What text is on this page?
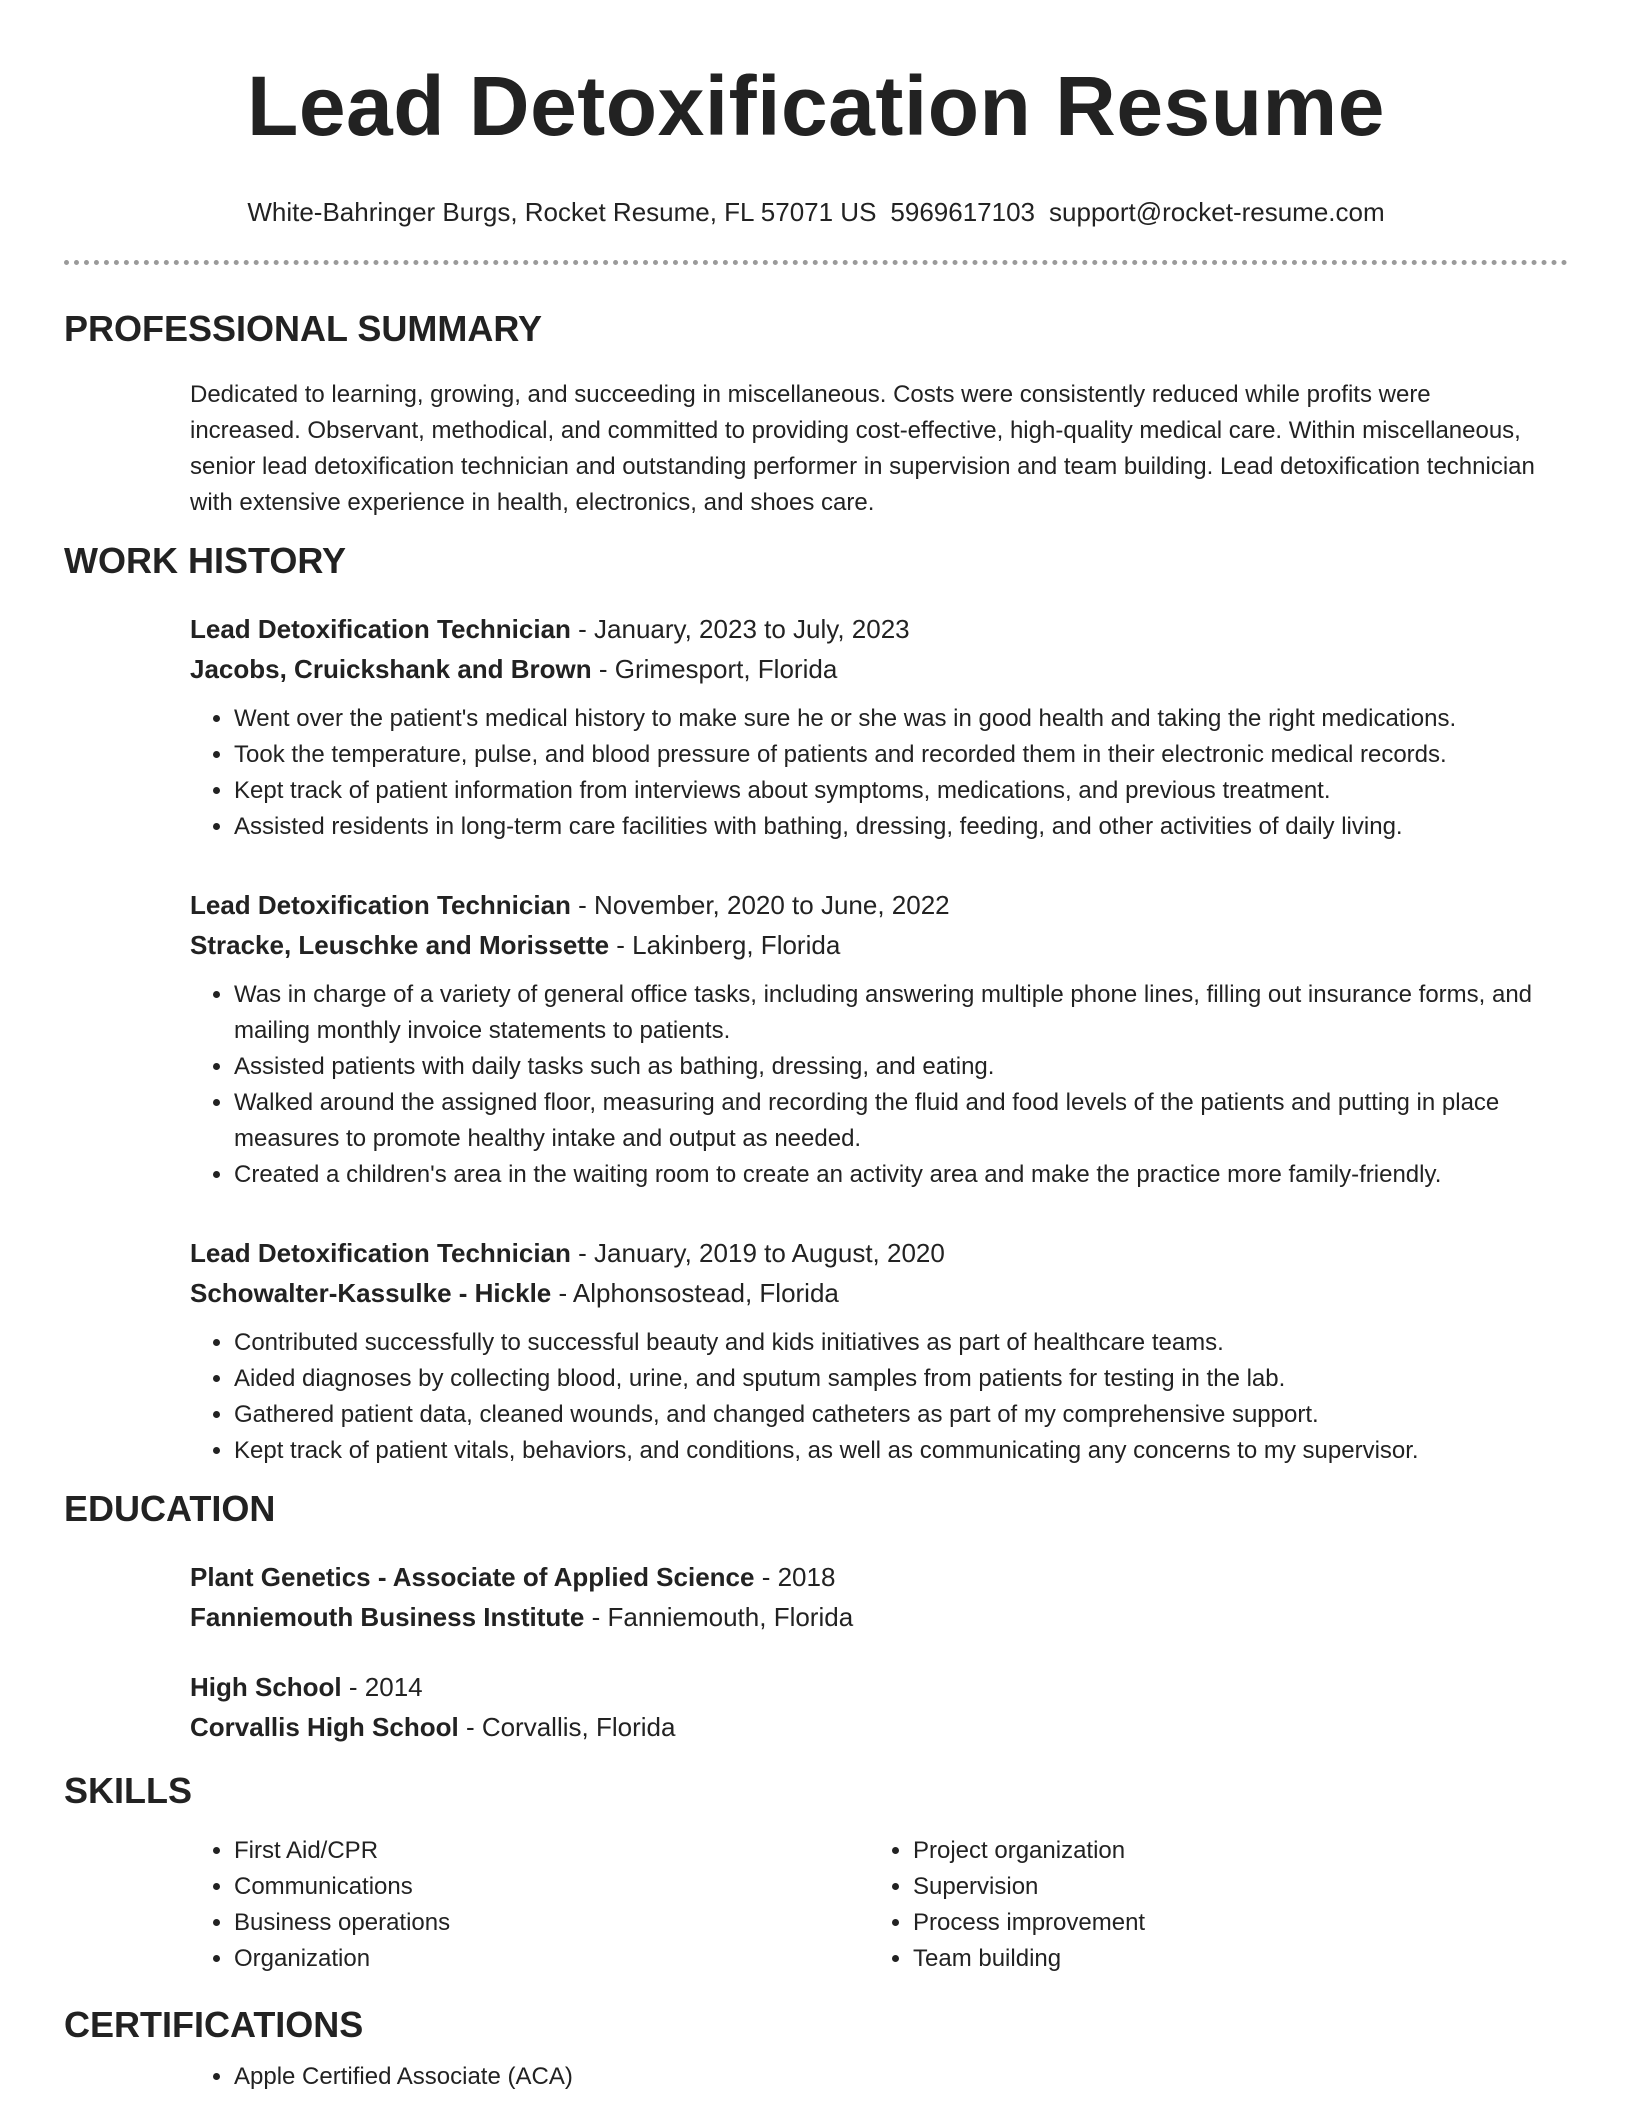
Lead Detoxification Resume
White-Bahringer Burgs, Rocket Resume, FL 57071 US 5969617103 support@rocket-resume.com
PROFESSIONAL SUMMARY
Dedicated to learning, growing, and succeeding in miscellaneous. Costs were consistently reduced while profits were increased. Observant, methodical, and committed to providing cost-effective, high-quality medical care. Within miscellaneous, senior lead detoxification technician and outstanding performer in supervision and team building. Lead detoxification technician with extensive experience in health, electronics, and shoes care.
WORK HISTORY
Lead Detoxification Technician - January, 2023 to July, 2023
Jacobs, Cruickshank and Brown - Grimesport, Florida
• Went over the patient's medical history to make sure he or she was in good health and taking the right medications.
• Took the temperature, pulse, and blood pressure of patients and recorded them in their electronic medical records.
• Kept track of patient information from interviews about symptoms, medications, and previous treatment.
• Assisted residents in long-term care facilities with bathing, dressing, feeding, and other activities of daily living.
Lead Detoxification Technician - November, 2020 to June, 2022
Stracke, Leuschke and Morissette - Lakinberg, Florida
• Was in charge of a variety of general office tasks, including answering multiple phone lines, filling out insurance forms, and mailing monthly invoice statements to patients.
• Assisted patients with daily tasks such as bathing, dressing, and eating.
• Walked around the assigned floor, measuring and recording the fluid and food levels of the patients and putting in place measures to promote healthy intake and output as needed.
• Created a children's area in the waiting room to create an activity area and make the practice more family-friendly.
Lead Detoxification Technician - January, 2019 to August, 2020
Schowalter-Kassulke - Hickle - Alphonsostead, Florida
• Contributed successfully to successful beauty and kids initiatives as part of healthcare teams.
• Aided diagnoses by collecting blood, urine, and sputum samples from patients for testing in the lab.
• Gathered patient data, cleaned wounds, and changed catheters as part of my comprehensive support.
• Kept track of patient vitals, behaviors, and conditions, as well as communicating any concerns to my supervisor.
EDUCATION
Plant Genetics - Associate of Applied Science - 2018
Fanniemouth Business Institute - Fanniemouth, Florida
High School - 2014
Corvallis High School - Corvallis, Florida
SKILLS
• First Aid/CPR
• Communications
• Business operations
• Organization
• Project organization
• Supervision
• Process improvement
• Team building
CERTIFICATIONS
• Apple Certified Associate (ACA)
